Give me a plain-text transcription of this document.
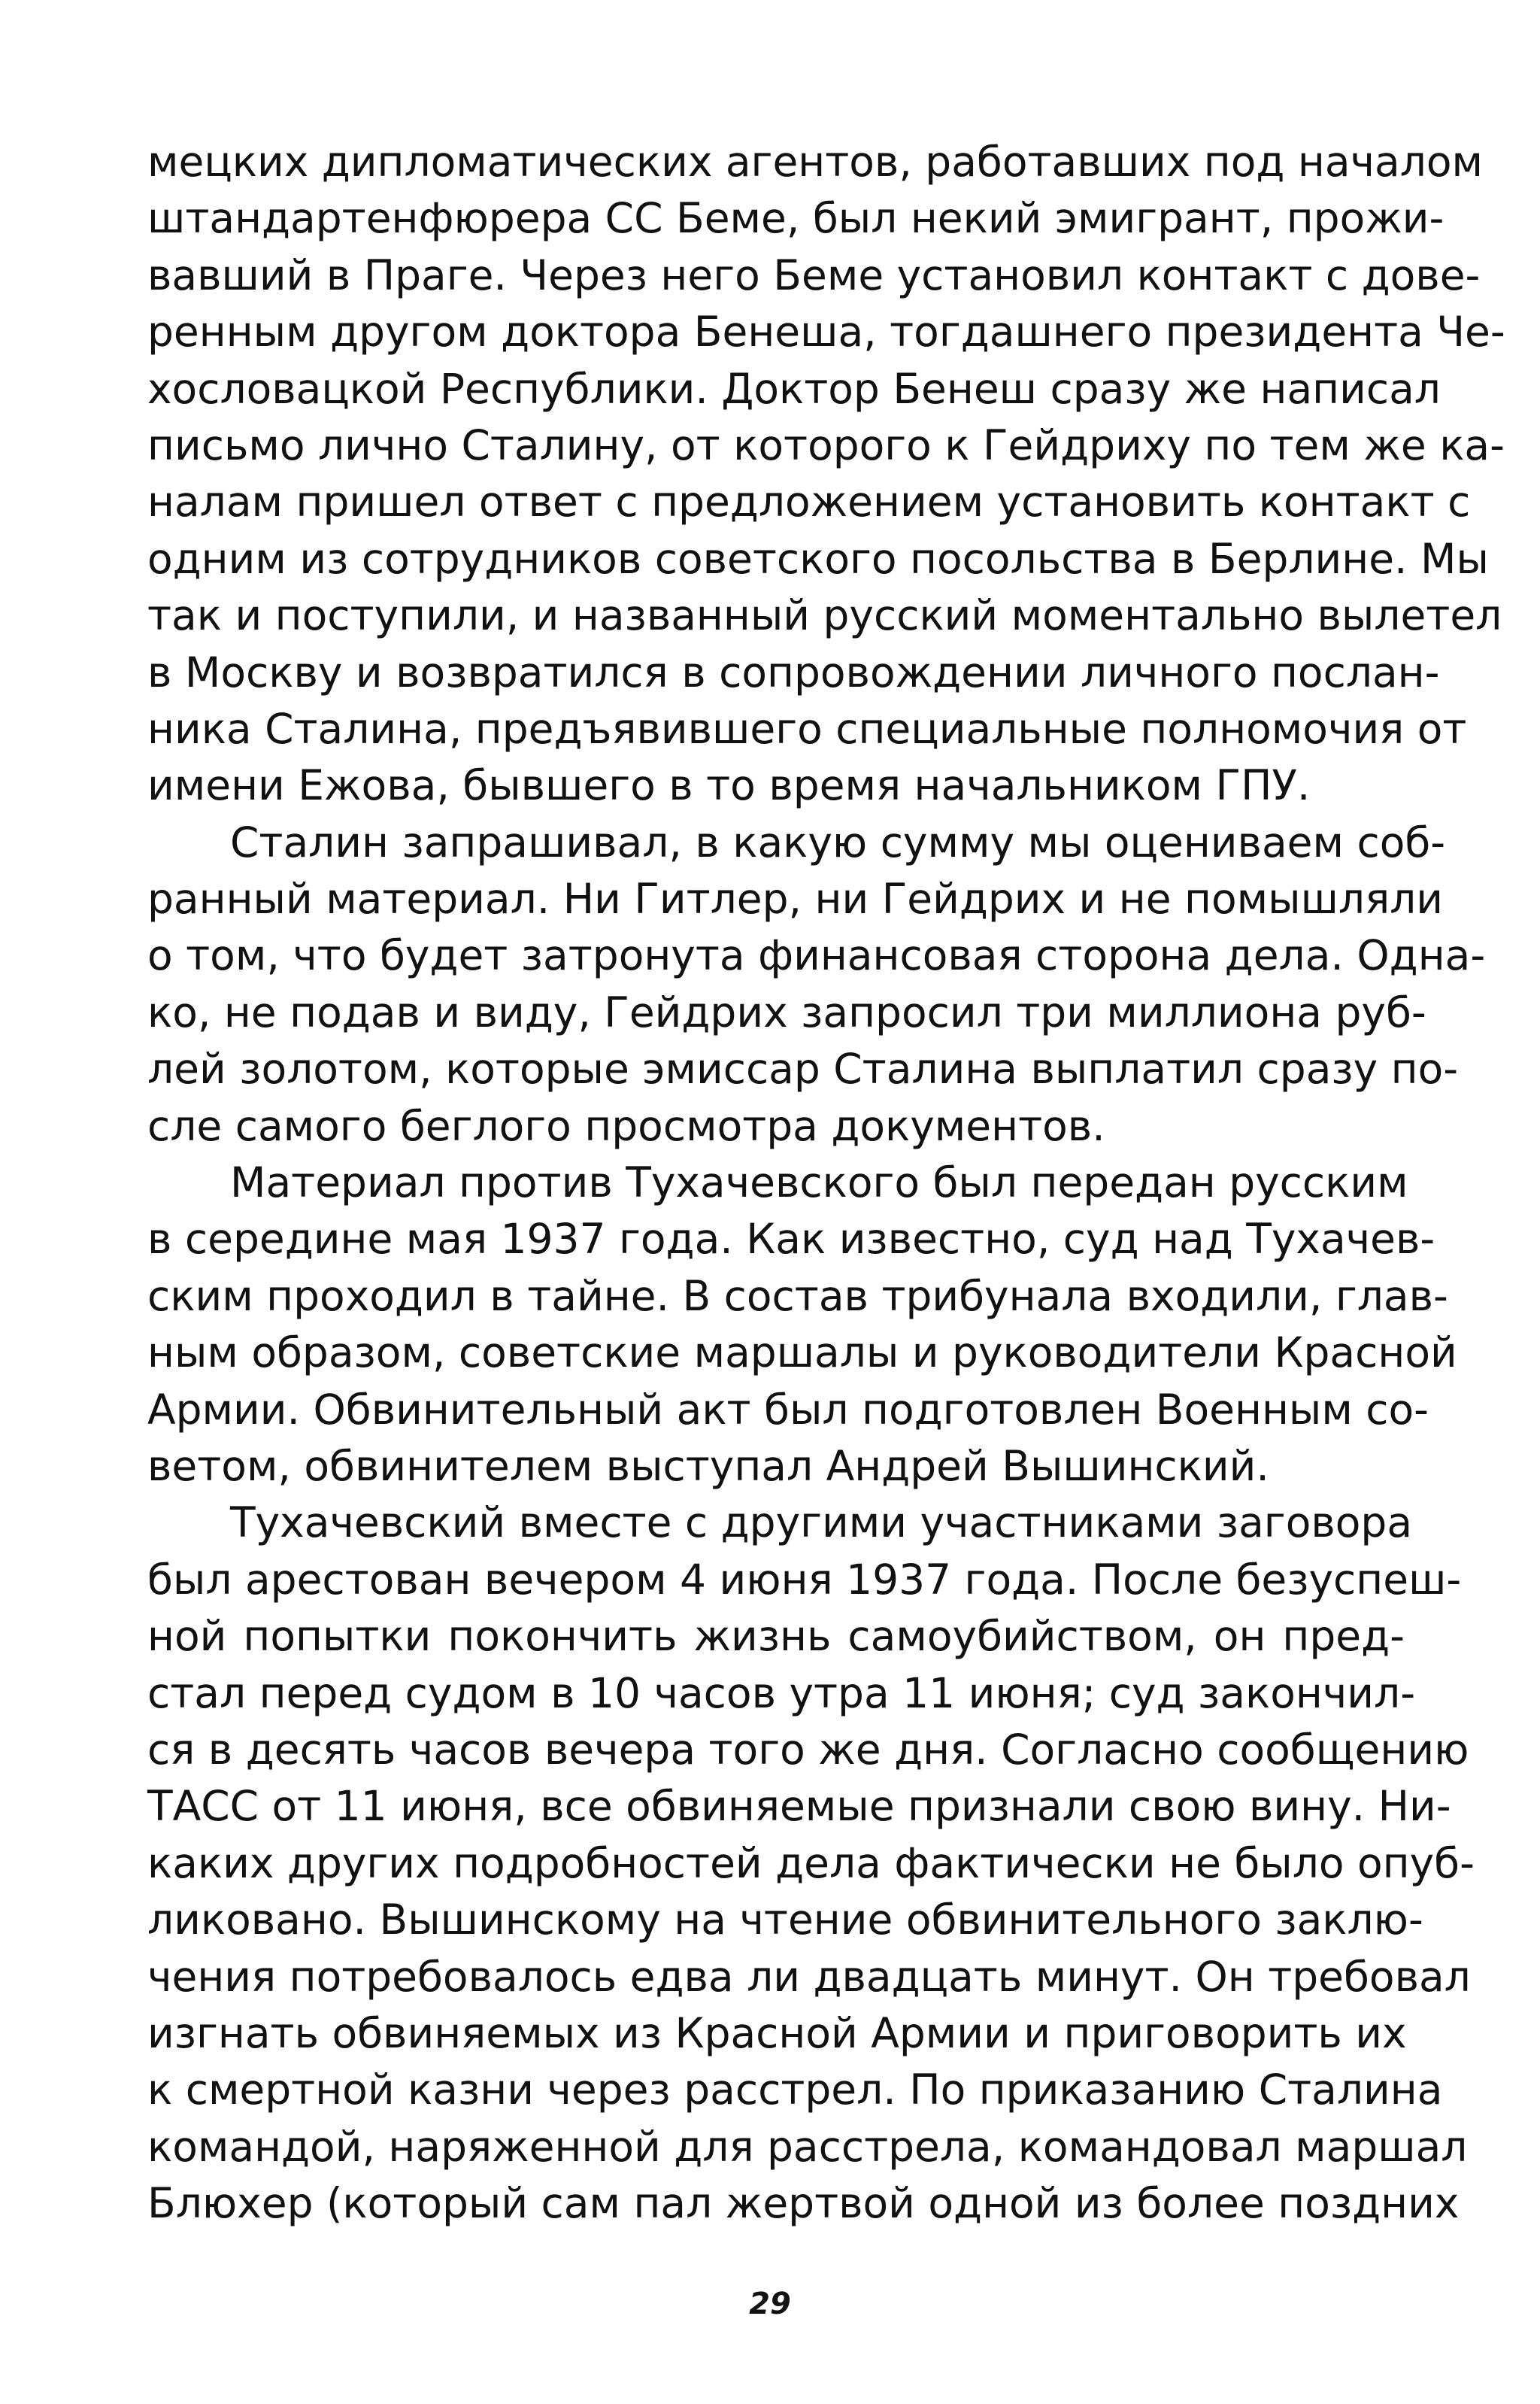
мецких дипломатических агентов, работавших под началом
штандартенфюрера СС Беме, был некий эмигрант, прожи-
вавший в Праге. Через него Беме установил контакт с дове-
ренным другом доктора Бенеша, тогдашнего президента Че-
хословацкой Республики. Доктор Бенеш сразу же написал
письмо лично Сталину, от которого к Гейдриху по тем же ка-
налам пришел ответ с предложением установить контакт с
одним из сотрудников советского посольства в Берлине. Мы
так и поступили, и названный русский моментально вылетел
в Москву и возвратился в сопровождении личного послан-
ника Сталина, предъявившего специальные полномочия от
имени Ежова, бывшего в то время начальником ГПУ.
Сталин запрашивал, в какую сумму мы оцениваем соб-
ранный материал. Ни Гитлер, ни Гейдрих и не помышляли
о том, что будет затронута финансовая сторона дела. Одна-
ко, не подав и виду, Гейдрих запросил три миллиона руб-
лей золотом, которые эмиссар Сталина выплатил сразу по-
сле самого беглого просмотра документов.
Материал против Тухачевского был передан русским
в середине мая 1937 года. Как известно, суд над Тухачев-
ским проходил в тайне. В состав трибунала входили, глав-
ным образом, советские маршалы и руководители Красной
Армии. Обвинительный акт был подготовлен Военным со-
ветом, обвинителем выступал Андрей Вышинский.
Тухачевский вместе с другими участниками заговора
был арестован вечером 4 июня 1937 года. После безуспеш-
ной попытки покончить жизнь самоубийством, он пред-
стал перед судом в 10 часов утра 11 июня; суд закончил-
ся в десять часов вечера того же дня. Согласно сообщению
ТАСС от 11 июня, все обвиняемые признали свою вину. Ни-
каких других подробностей дела фактически не было опуб-
ликовано. Вышинскому на чтение обвинительного заклю-
чения потребовалось едва ли двадцать минут. Он требовал
изгнать обвиняемых из Красной Армии и приговорить их
к смертной казни через расстрел. По приказанию Сталина
командой, наряженной для расстрела, командовал маршал
Блюхер (который сам пал жертвой одной из более поздних
29
